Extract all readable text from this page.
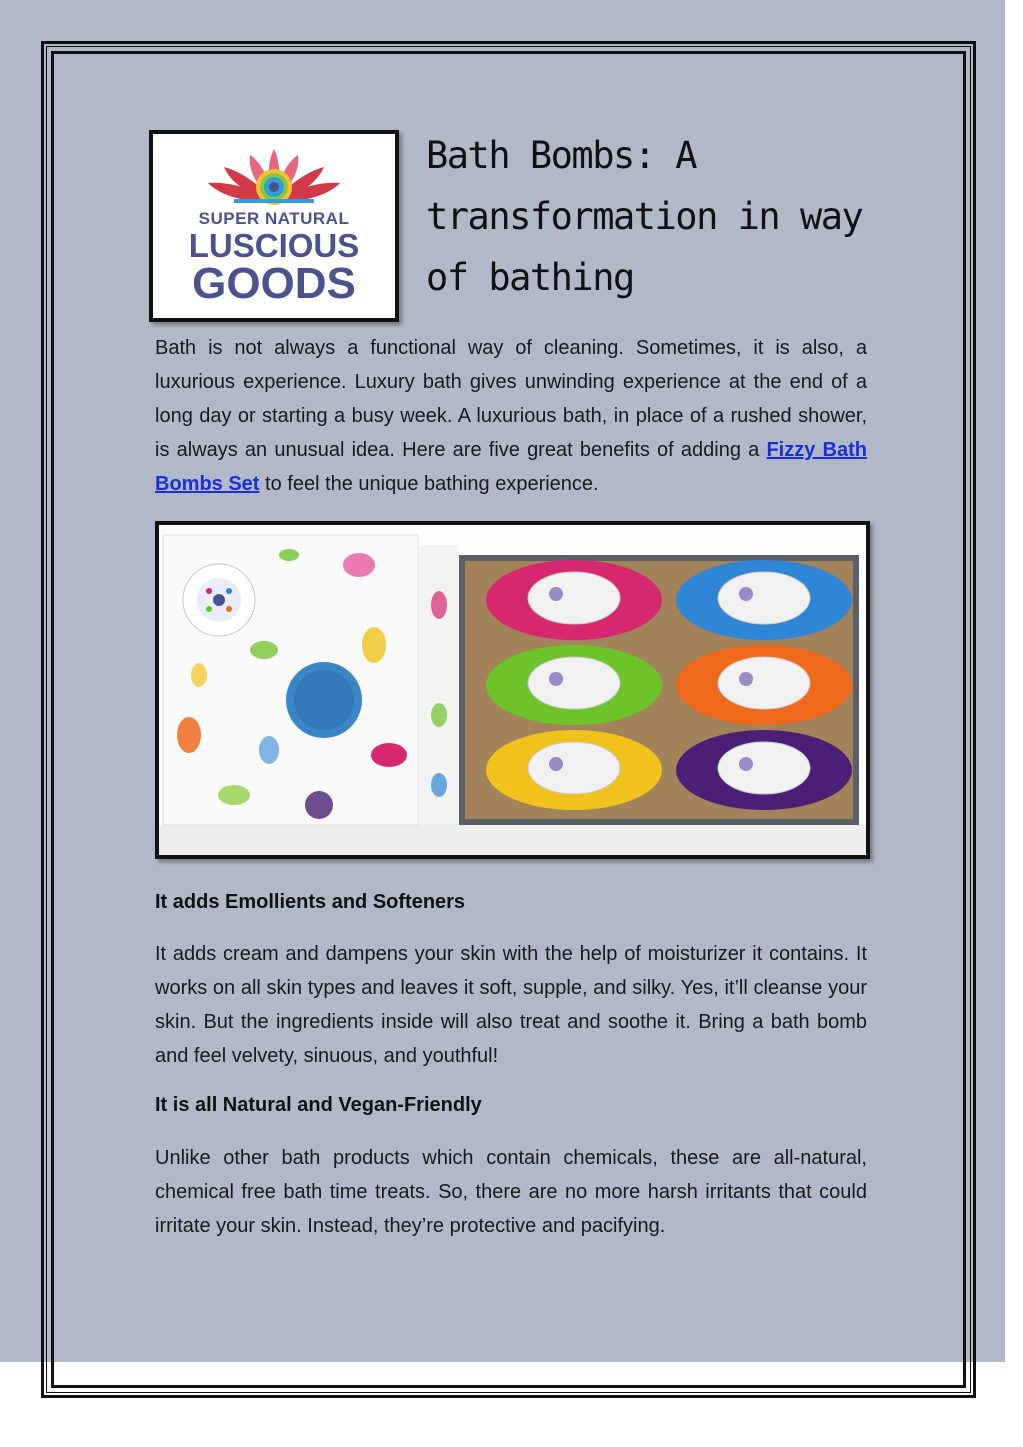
SUPER NATURAL
LUSCIOUS
GOODS
Bath Bombs: A
transformation in way
of bathing

Bath is not always a functional way of cleaning. Sometimes, it is also, a luxurious experience. Luxury bath gives unwinding experience at the end of a long day or starting a busy week. A luxurious bath, in place of a rushed shower, is always an unusual idea. Here are five great benefits of adding a Fizzy Bath Bombs Set to feel the unique bathing experience.

It adds Emollients and Softeners

It adds cream and dampens your skin with the help of moisturizer it contains. It works on all skin types and leaves it soft, supple, and silky. Yes, it’ll cleanse your skin. But the ingredients inside will also treat and soothe it. Bring a bath bomb and feel velvety, sinuous, and youthful!

It is all Natural and Vegan-Friendly

Unlike other bath products which contain chemicals, these are all-natural, chemical free bath time treats. So, there are no more harsh irritants that could irritate your skin. Instead, they’re protective and pacifying.
